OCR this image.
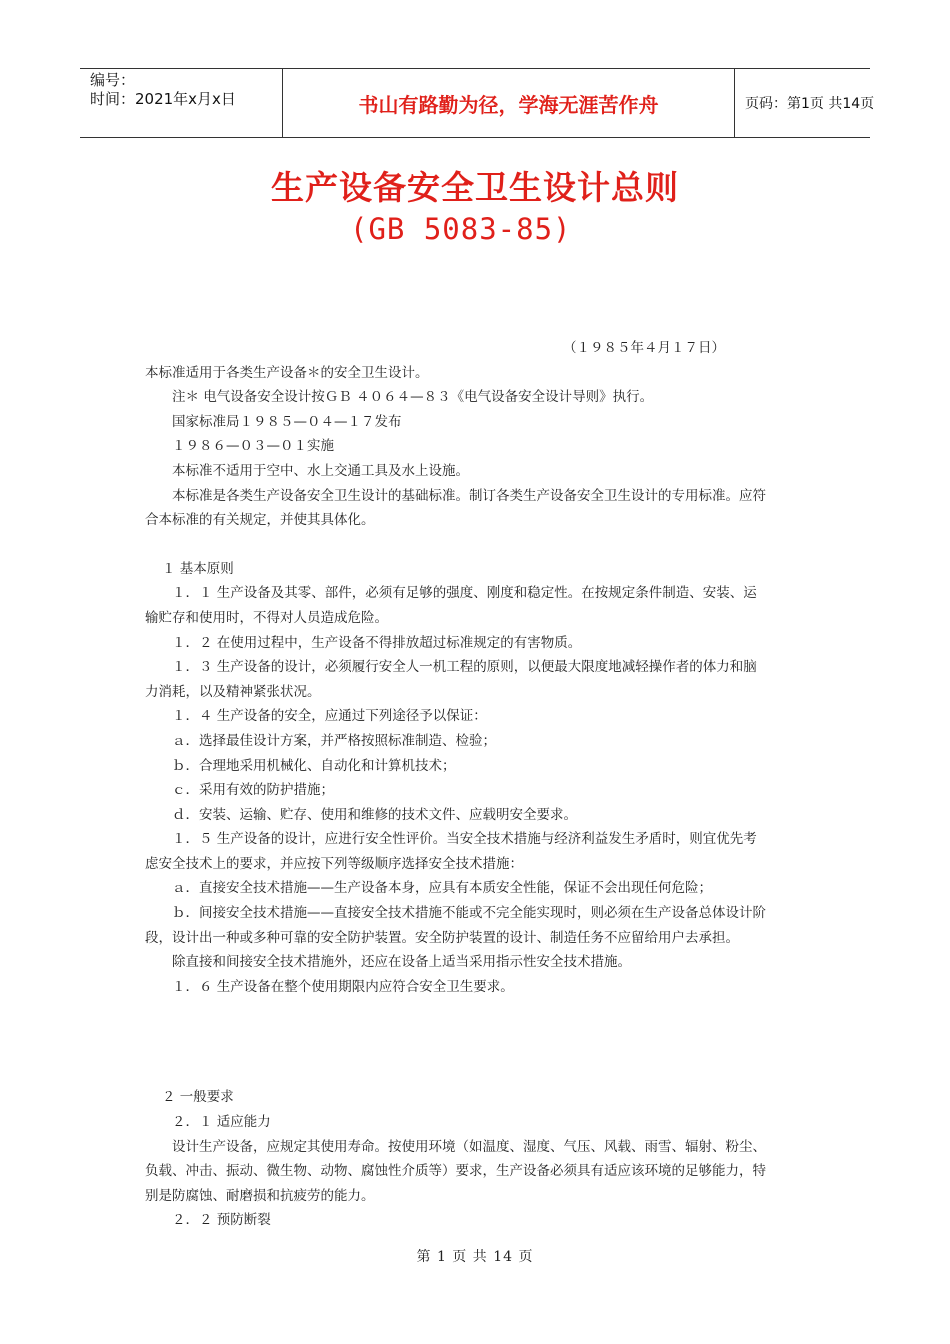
编号：
时间：2021年x月x日	书山有路勤为径，学海无涯苦作舟	页码：第1页 共14页
生产设备安全卫生设计总则
(GB 5083-85)
（１９８５年４月１７日）
本标准适用于各类生产设备＊的安全卫生设计。
注＊ 电气设备安全设计按ＧＢ ４０６４—８３《电气设备安全设计导则》执行。
国家标准局１９８５—０４—１７发布
１９８６—０３—０１实施
本标准不适用于空中、水上交通工具及水上设施。
本标准是各类生产设备安全卫生设计的基础标准。制订各类生产设备安全卫生设计的专用标准。应符
合本标准的有关规定，并使其具体化。
１ 基本原则
１．１ 生产设备及其零、部件，必须有足够的强度、刚度和稳定性。在按规定条件制造、安装、运
输贮存和使用时，不得对人员造成危险。
１．２ 在使用过程中，生产设备不得排放超过标准规定的有害物质。
１．３ 生产设备的设计，必须履行安全人一机工程的原则，以便最大限度地减轻操作者的体力和脑
力消耗，以及精神紧张状况。
１．４ 生产设备的安全，应通过下列途径予以保证：
ａ．选择最佳设计方案，并严格按照标准制造、检验；
ｂ．合理地采用机械化、自动化和计算机技术；
ｃ．采用有效的防护措施；
ｄ．安装、运输、贮存、使用和维修的技术文件、应载明安全要求。
１．５ 生产设备的设计，应进行安全性评价。当安全技术措施与经济利益发生矛盾时，则宜优先考
虑安全技术上的要求，并应按下列等级顺序选择安全技术措施：
ａ．直接安全技术措施——生产设备本身，应具有本质安全性能，保证不会出现任何危险；
ｂ．间接安全技术措施——直接安全技术措施不能或不完全能实现时，则必须在生产设备总体设计阶
段，设计出一种或多种可靠的安全防护装置。安全防护装置的设计、制造任务不应留给用户去承担。
除直接和间接安全技术措施外，还应在设备上适当采用指示性安全技术措施。
１．６ 生产设备在整个使用期限内应符合安全卫生要求。
２ 一般要求
２．１ 适应能力
设计生产设备，应规定其使用寿命。按使用环境（如温度、湿度、气压、风载、雨雪、辐射、粉尘、
负载、冲击、振动、微生物、动物、腐蚀性介质等）要求，生产设备必须具有适应该环境的足够能力，特
别是防腐蚀、耐磨损和抗疲劳的能力。
２．２ 预防断裂
第 1 页 共 14 页
